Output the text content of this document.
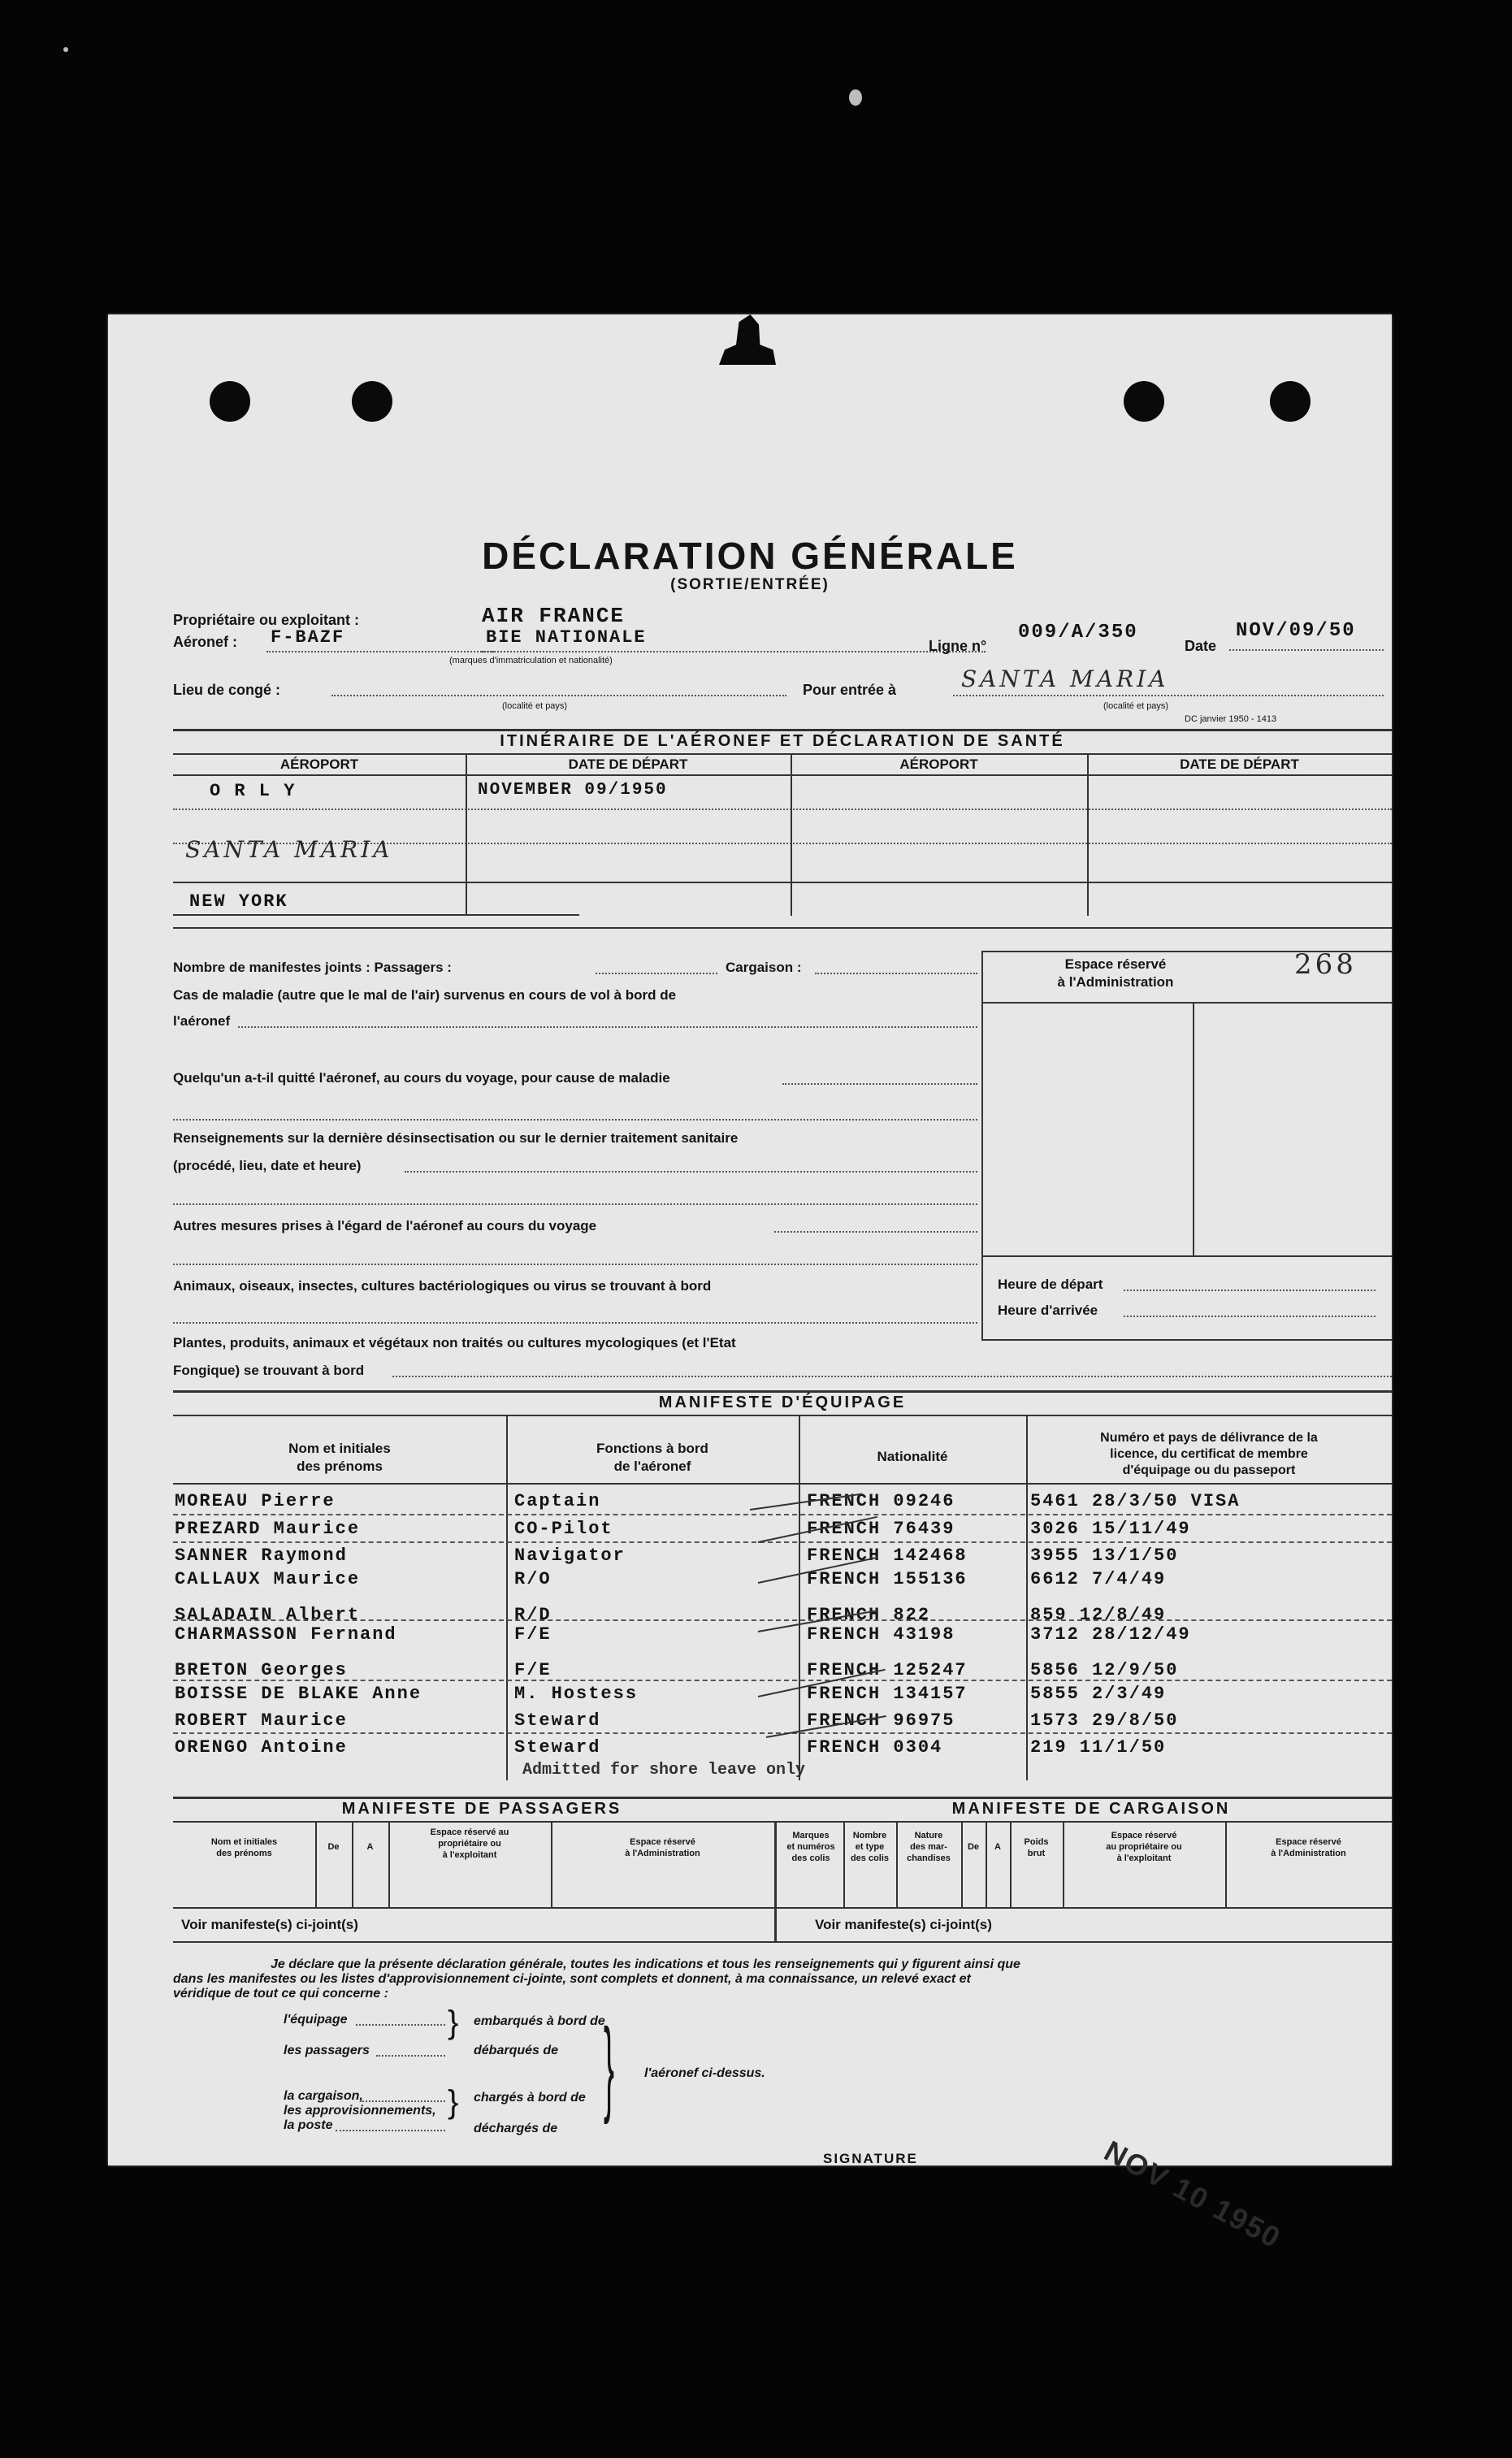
DÉCLARATION GÉNÉRALE
(SORTIE/ENTRÉE)
Propriétaire ou exploitant :	AIR FRANCE
Aéronef : F-BAZF	BIE NATIONALE
(marques d'immatriculation et nationalité)
Ligne n°
009/A/350
Date
NOV/09/50
Lieu de congé :
(localité et pays)
Pour entrée à	SANTA MARIA
(localité et pays)
DC janvier 1950 - 1413
ITINÉRAIRE DE L'AÉRONEF ET DÉCLARATION DE SANTÉ
AÉROPORT	DATE DE DÉPART	AÉROPORT	DATE DE DÉPART
O R L Y	NOVEMBER 09/1950
SANTA MARIA
NEW YORK
Nombre de manifestes joints : Passagers :	Cargaison :
Cas de maladie (autre que le mal de l'air) survenus en cours de vol à bord de
l'aéronef
Quelqu'un a-t-il quitté l'aéronef, au cours du voyage, pour cause de maladie
Renseignements sur la dernière désinsectisation ou sur le dernier traitement sanitaire
(procédé, lieu, date et heure)
Autres mesures prises à l'égard de l'aéronef au cours du voyage
Animaux, oiseaux, insectes, cultures bactériologiques ou virus se trouvant à bord
Plantes, produits, animaux et végétaux non traités ou cultures mycologiques (et l'Etat
Fongique) se trouvant à bord
Espace réservé
à l'Administration
268
Heure de départ
Heure d'arrivée
MANIFESTE D'ÉQUIPAGE
Nom et initiales
des prénoms
Fonctions à bord
de l'aéronef
Nationalité
Numéro et pays de délivrance de la
licence, du certificat de membre
d'équipage ou du passeport
MOREAU Pierre	Captain	FRENCH 09246	5461 28/3/50 VISA
PREZARD Maurice	CO-Pilot	FRENCH 76439	3026 15/11/49
SANNER Raymond	Navigator	FRENCH 142468	3955 13/1/50
CALLAUX Maurice	R/O	FRENCH 155136	6612 7/4/49
SALADAIN Albert	R/D	FRENCH 822	859 12/8/49
CHARMASSON Fernand	F/E	FRENCH 43198	3712 28/12/49
BRETON Georges	F/E	FRENCH 125247	5856 12/9/50
BOISSE DE BLAKE Anne	M. Hostess	FRENCH 134157	5855 2/3/49
ROBERT Maurice	Steward	FRENCH 96975	1573 29/8/50
ORENGO Antoine	Steward	FRENCH 0304	219 11/1/50
Admitted for shore leave only
MANIFESTE DE PASSAGERS	MANIFESTE DE CARGAISON
Nom et initiales
des prénoms
De	A
Espace réservé au
propriétaire ou
à l'exploitant
Espace réservé
à l'Administration
Marques
et numéros
des colis
Nombre
et type
des colis
Nature
des mar-
chandises
De	A	Poids
brut
Espace réservé
au propriétaire ou
à l'exploitant
Espace réservé
à l'Administration
Voir manifeste(s) ci-joint(s)	Voir manifeste(s) ci-joint(s)
NOV 10 1950
Je déclare que la présente déclaration générale, toutes les indications et tous les renseignements qui y figurent ainsi que
dans les manifestes ou les listes d'approvisionnement ci-jointe, sont complets et donnent, à ma connaissance, un relevé exact et
véridique de tout ce qui concerne :
l'équipage
les passagers
} embarqués à bord de
débarqués de
la cargaison,
les approvisionnements,
la poste
} chargés à bord de
déchargés de
} l'aéronef ci-dessus.
SIGNATURE
